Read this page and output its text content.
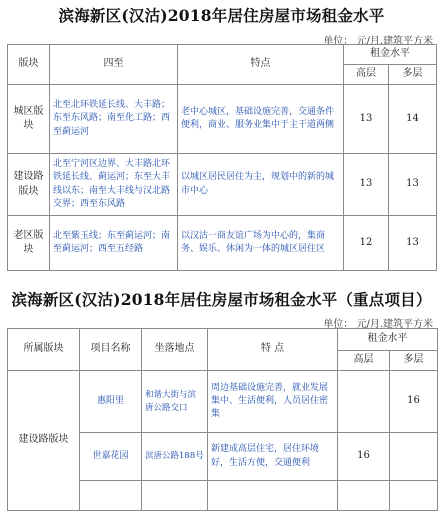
滨海新区(汉沽)2018年居住房屋市场租金水平
单位： 元/月.建筑平方米
版块	四至	特点	租金水平	
			高层	多层
城区版块	北至北环铁延长线、大丰路；东至东风路；南至化工路；西至蓟运河	老中心城区，基础设施完善，交通条件便利，商业、服务业集中于主干道两侧	13	14
建设路版块	北至宁河区边界、大丰路北环铁延长线、蓟运河；东至大丰线以东；南至大丰线与汉北路交界；西至东风路	以城区居民居住为主，规划中的新的城市中心	13	13
老区版块	北至紫玉线；东至蓟运河；南至蓟运河；西至五经路	以汉沽一商友谊广场为中心的，集商务、娱乐、休闲为一体的城区居住区	12	13
滨海新区(汉沽)2018年居住房屋市场租金水平（重点项目）
单位： 元/月.建筑平方米
所属版块	项目名称	坐落地点	特 点	租金水平	
				高层	多层
建设路版块	惠阳里	和谐大街与滨唐公路交口	周边基础设施完善，就业发展集中、生活便利，人员居住密集		16
	世嘉花园	滨唐公路188号	新建成高层住宅，居住环境好，生活方便，交通便利	16	
